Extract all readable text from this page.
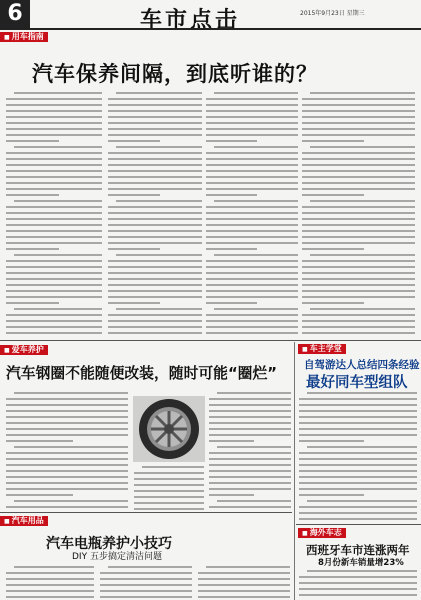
6	车市点击	2015年9月23日 星期三
■ 用车指南
汽车保养间隔，到底听谁的？
■ 爱车养护
汽车钢圈不能随便改装，随时可能“圈烂”
■ 汽车用品
汽车电瓶养护小技巧
DIY 五步搞定清洁问题
■ 车主学堂
自驾游达人总结四条经验
最好同车型组队
■ 海外车志
西班牙车市连涨两年
8月份新车销量增23%
